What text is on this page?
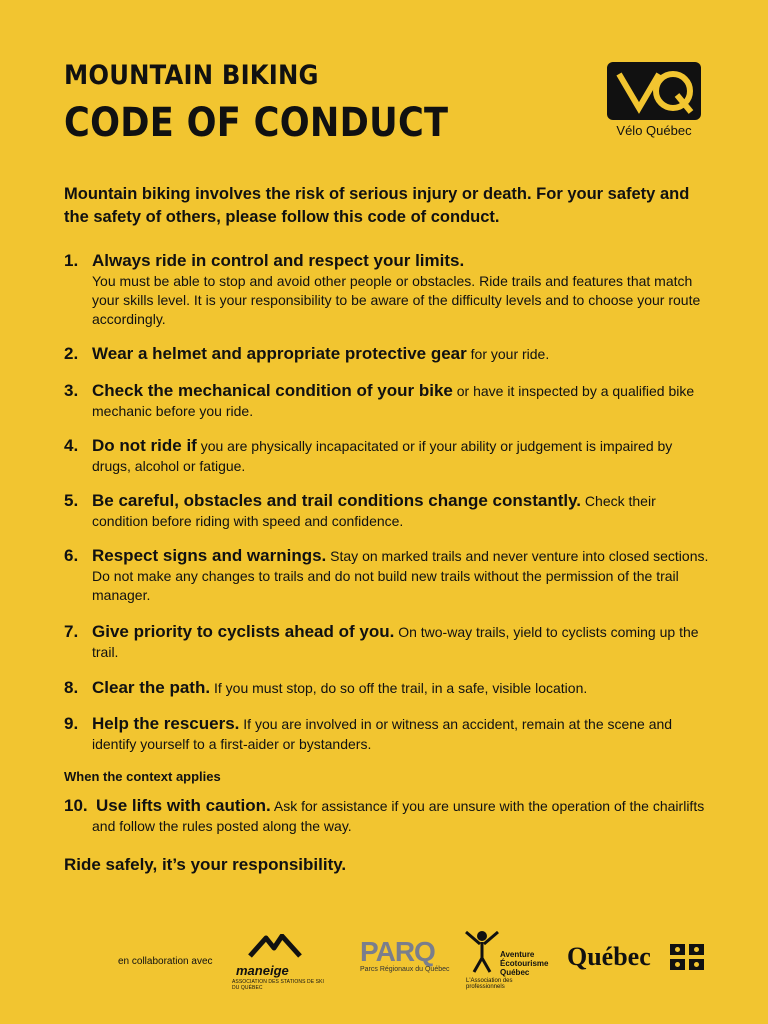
MOUNTAIN BIKING
CODE OF CONDUCT	Vélo Québec
Mountain biking involves the risk of serious injury or death. For your safety and the safety of others, please follow this code of conduct.
1. Always ride in control and respect your limits.
You must be able to stop and avoid other people or obstacles. Ride trails and features that match your skills level. It is your responsibility to be aware of the difficulty levels and to choose your route accordingly.
2. Wear a helmet and appropriate protective gear for your ride.
3. Check the mechanical condition of your bike or have it inspected by a qualified bike mechanic before you ride.
4. Do not ride if you are physically incapacitated or if your ability or judgement is impaired by drugs, alcohol or fatigue.
5. Be careful, obstacles and trail conditions change constantly. Check their condition before riding with speed and confidence.
6. Respect signs and warnings. Stay on marked trails and never venture into closed sections. Do not make any changes to trails and do not build new trails without the permission of the trail manager.
7. Give priority to cyclists ahead of you. On two-way trails, yield to cyclists coming up the trail.
8. Clear the path. If you must stop, do so off the trail, in a safe, visible location.
9. Help the rescuers. If you are involved in or witness an accident, remain at the scene and identify yourself to a first-aider or bystanders.
When the context applies
10. Use lifts with caution. Ask for assistance if you are unsure with the operation of the chairlifts and follow the rules posted along the way.
Ride safely, it’s your responsibility.
en collaboration avec
maneige
ASSOCIATION DES STATIONS DE SKI DU QUÉBEC
PARQ
Parcs Régionaux du Québec
Aventure
Écotourisme
Québec
L'Association des professionnels
Québec
